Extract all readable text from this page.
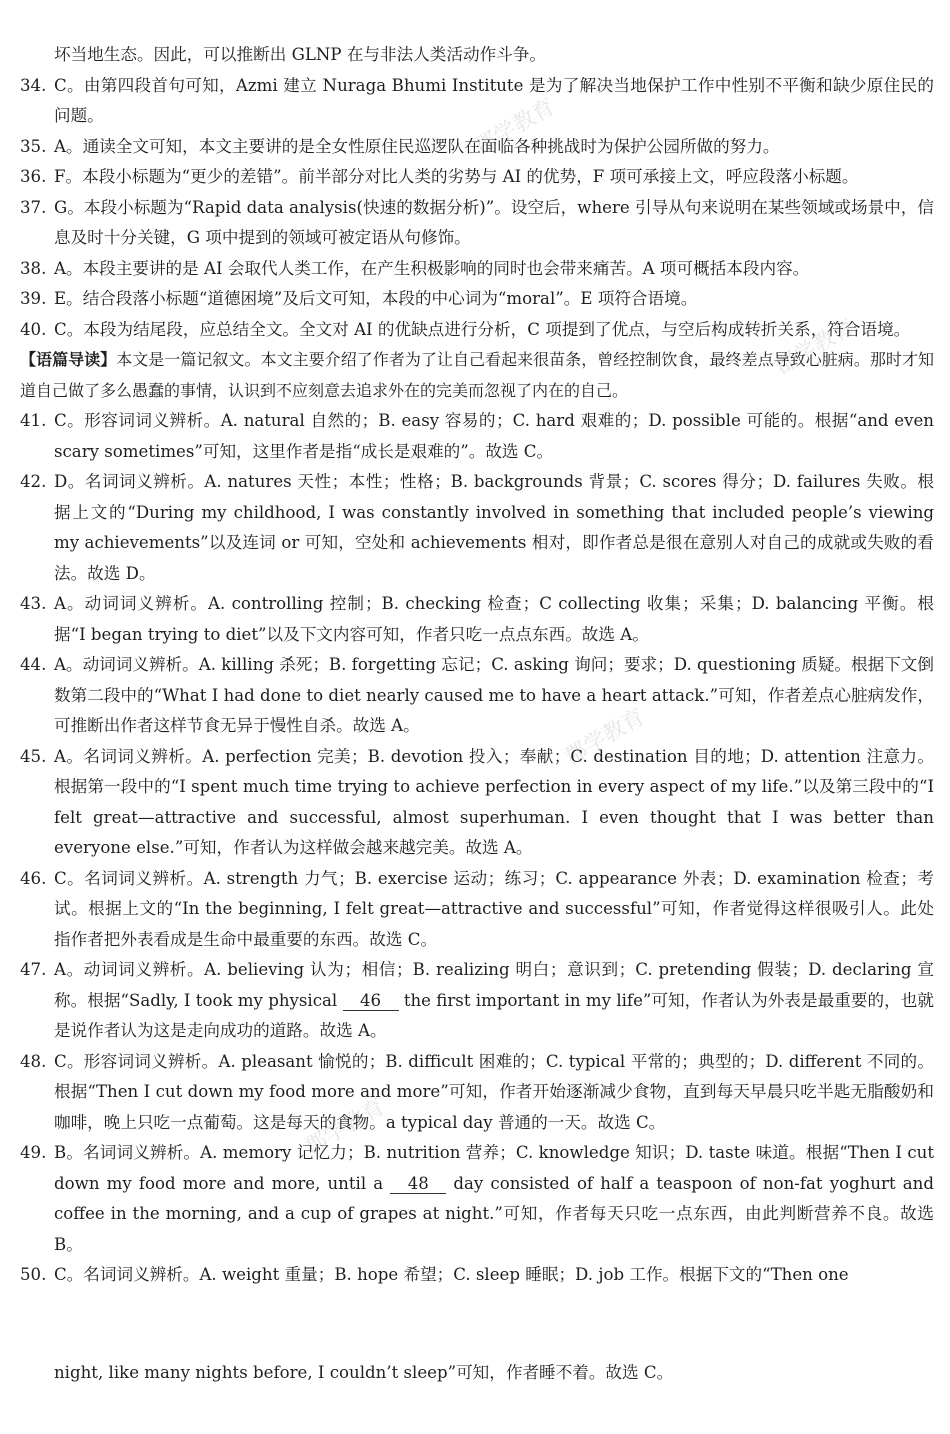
郡学教育
郡学教育
郡学教育
郡学教育

坏当地生态。因此，可以推断出 GLNP 在与非法人类活动作斗争。

34. C。由第四段首句可知，Azmi 建立 Nuraga Bhumi Institute 是为了解决当地保护工作中性别不平衡和缺少原住民的问题。

35. A。通读全文可知，本文主要讲的是全女性原住民巡逻队在面临各种挑战时为保护公园所做的努力。

36. F。本段小标题为“更少的差错”。前半部分对比人类的劣势与 AI 的优势，F 项可承接上文，呼应段落小标题。

37. G。本段小标题为“Rapid data analysis(快速的数据分析)”。设空后，where 引导从句来说明在某些领域或场景中，信息及时十分关键，G 项中提到的领域可被定语从句修饰。

38. A。本段主要讲的是 AI 会取代人类工作，在产生积极影响的同时也会带来痛苦。A 项可概括本段内容。

39. E。结合段落小标题“道德困境”及后文可知，本段的中心词为“moral”。E 项符合语境。

40. C。本段为结尾段，应总结全文。全文对 AI 的优缺点进行分析，C 项提到了优点，与空后构成转折关系，符合语境。

【语篇导读】本文是一篇记叙文。本文主要介绍了作者为了让自己看起来很苗条，曾经控制饮食，最终差点导致心脏病。那时才知道自己做了多么愚蠢的事情，认识到不应刻意去追求外在的完美而忽视了内在的自己。

41. C。形容词词义辨析。A. natural 自然的；B. easy 容易的；C. hard 艰难的；D. possible 可能的。根据“and even scary sometimes”可知，这里作者是指“成长是艰难的”。故选 C。

42. D。名词词义辨析。A. natures 天性；本性；性格；B. backgrounds 背景；C. scores 得分；D. failures 失败。根据上文的“During my childhood, I was constantly involved in something that included people’s viewing my achievements”以及连词 or 可知，空处和 achievements 相对，即作者总是很在意别人对自己的成就或失败的看法。故选 D。

43. A。动词词义辨析。A. controlling 控制；B. checking 检查；C collecting 收集；采集；D. balancing 平衡。根据“I began trying to diet”以及下文内容可知，作者只吃一点点东西。故选 A。

44. A。动词词义辨析。A. killing 杀死；B. forgetting 忘记；C. asking 询问；要求；D. questioning 质疑。根据下文倒数第二段中的“What I had done to diet nearly caused me to have a heart attack.”可知，作者差点心脏病发作，可推断出作者这样节食无异于慢性自杀。故选 A。

45. A。名词词义辨析。A. perfection 完美；B. devotion 投入；奉献；C. destination 目的地；D. attention 注意力。根据第一段中的“I spent much time trying to achieve perfection in every aspect of my life.”以及第三段中的“I felt great—attractive and successful, almost superhuman. I even thought that I was better than everyone else.”可知，作者认为这样做会越来越完美。故选 A。

46. C。名词词义辨析。A. strength 力气；B. exercise 运动；练习；C. appearance 外表；D. examination 检查；考试。根据上文的“In the beginning, I felt great—attractive and successful”可知，作者觉得这样很吸引人。此处指作者把外表看成是生命中最重要的东西。故选 C。

47. A。动词词义辨析。A. believing 认为；相信；B. realizing 明白；意识到；C. pretending 假装；D. declaring 宣称。根据“Sadly, I took my physical 46 the first important in my life”可知，作者认为外表是最重要的，也就是说作者认为这是走向成功的道路。故选 A。

48. C。形容词词义辨析。A. pleasant 愉悦的；B. difficult 困难的；C. typical 平常的；典型的；D. different 不同的。根据“Then I cut down my food more and more”可知，作者开始逐渐减少食物，直到每天早晨只吃半匙无脂酸奶和咖啡，晚上只吃一点葡萄。这是每天的食物。a typical day 普通的一天。故选 C。

49. B。名词词义辨析。A. memory 记忆力；B. nutrition 营养；C. knowledge 知识；D. taste 味道。根据“Then I cut down my food more and more, until a 48 day consisted of half a teaspoon of non-fat yoghurt and coffee in the morning, and a cup of grapes at night.”可知，作者每天只吃一点东西，由此判断营养不良。故选 B。

50. C。名词词义辨析。A. weight 重量；B. hope 希望；C. sleep 睡眠；D. job 工作。根据下文的“Then one

night, like many nights before, I couldn’t sleep”可知，作者睡不着。故选 C。
